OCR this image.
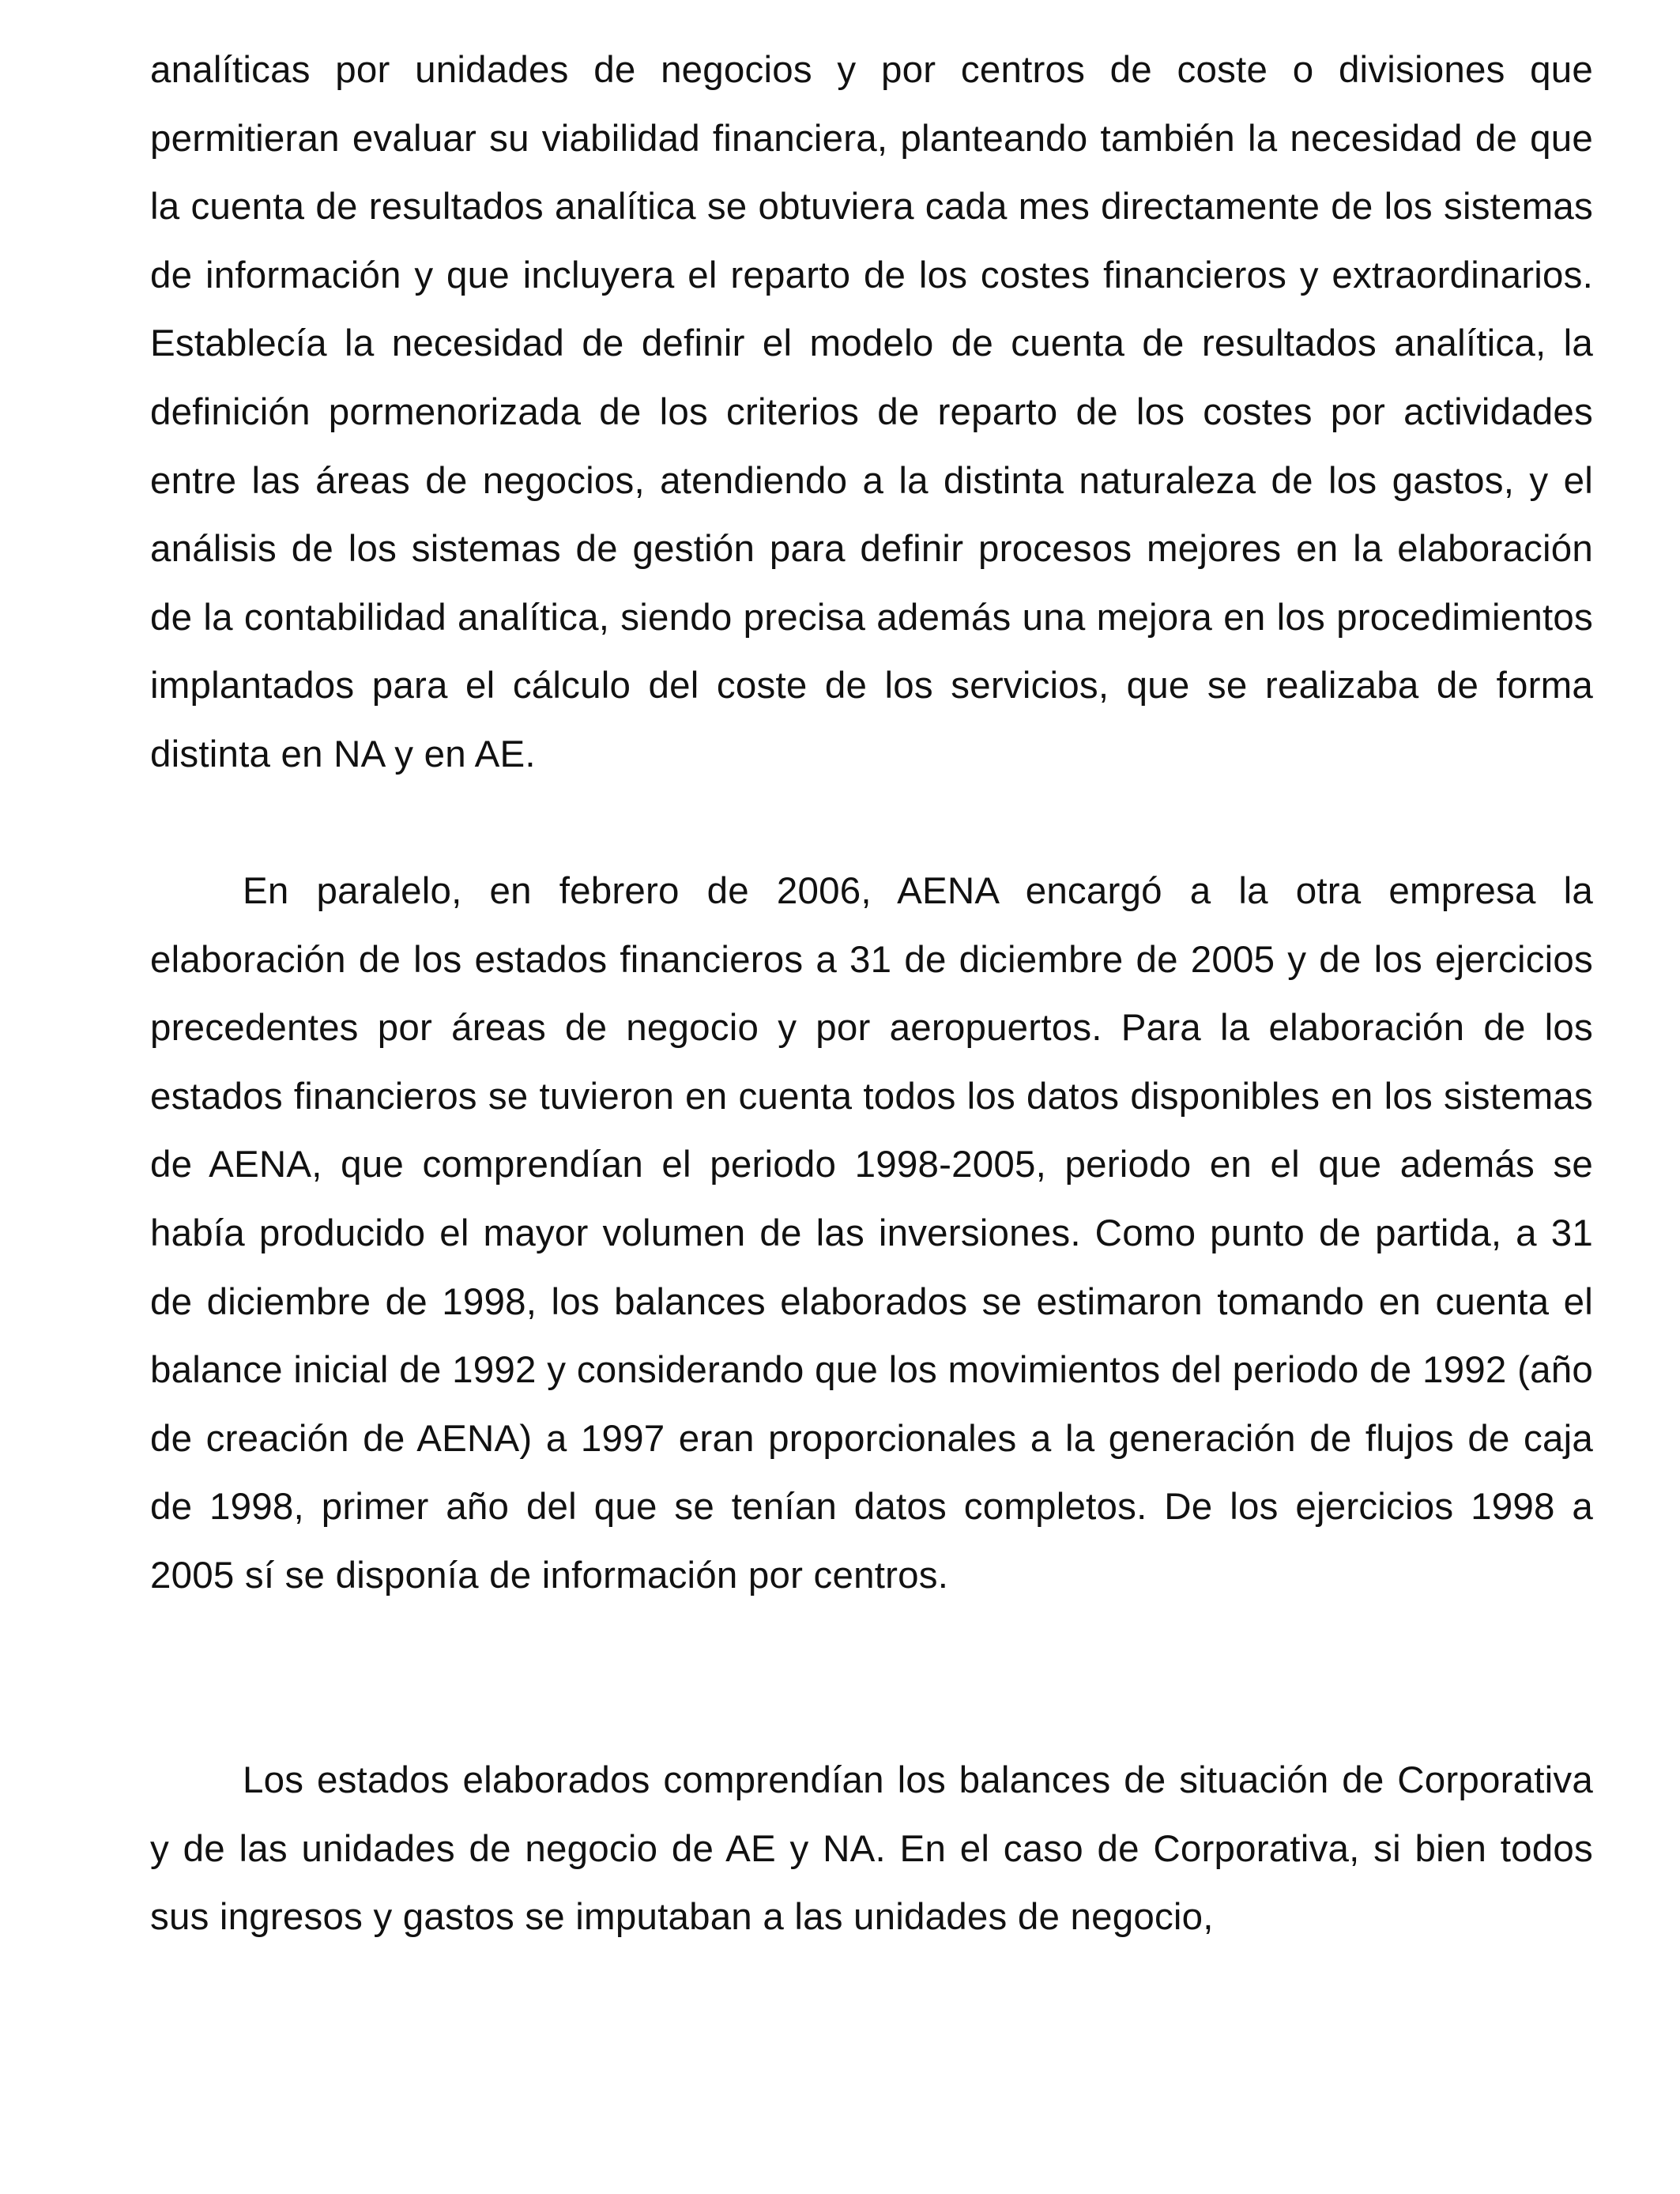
analíticas por unidades de negocios y por centros de coste o divisiones que permitieran evaluar su viabilidad financiera, planteando también la necesidad de que la cuenta de resultados analítica se obtuviera cada mes directamente de los sistemas de información y que incluyera el reparto de los costes financieros y extraordinarios. Establecía la necesidad de definir el modelo de cuenta de resultados analítica, la definición pormenorizada de los criterios de reparto de los costes por actividades entre las áreas de negocios, atendiendo a la distinta naturaleza de los gastos, y el análisis de los sistemas de gestión para definir procesos mejores en la elaboración de la contabilidad analítica, siendo precisa además una mejora en los procedimientos implantados para el cálculo del coste de los servicios, que se realizaba de forma distinta en NA y en AE.

En paralelo, en febrero de 2006, AENA encargó a la otra empresa la elaboración de los estados financieros a 31 de diciembre de 2005 y de los ejercicios precedentes por áreas de negocio y por aeropuertos. Para la elaboración de los estados financieros se tuvieron en cuenta todos los datos disponibles en los sistemas de AENA, que comprendían el periodo 1998-2005, periodo en el que además se había producido el mayor volumen de las inversiones. Como punto de partida, a 31 de diciembre de 1998, los balances elaborados se estimaron tomando en cuenta el balance inicial de 1992 y considerando que los movimientos del periodo de 1992 (año de creación de AENA) a 1997 eran proporcionales a la generación de flujos de caja de 1998, primer año del que se tenían datos completos. De los ejercicios 1998 a 2005 sí se disponía de información por centros.

Los estados elaborados comprendían los balances de situación de Corporativa y de las unidades de negocio de AE y NA. En el caso de Corporativa, si bien todos sus ingresos y gastos se imputaban a las unidades de negocio,
